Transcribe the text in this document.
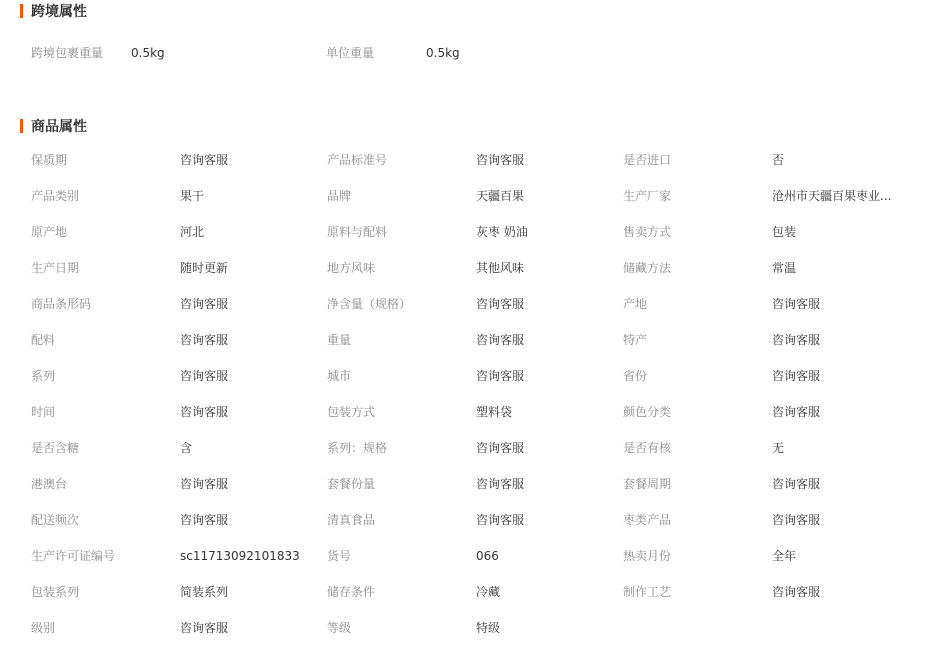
跨境属性
跨境包裹重量 0.5kg	单位重量	0.5kg
商品属性
保质期	咨询客服	产品标准号	咨询客服	是否进口	否
产品类别	果干	品牌	天疆百果	生产厂家	沧州市天疆百果枣业...
原产地	河北	原料与配料	灰枣 奶油	售卖方式	包装
生产日期	随时更新	地方风味	其他风味	储藏方法	常温
商品条形码	咨询客服	净含量（规格）	咨询客服	产地	咨询客服
配料	咨询客服	重量	咨询客服	特产	咨询客服
系列	咨询客服	城市	咨询客服	省份	咨询客服
时间	咨询客服	包装方式	塑料袋	颜色分类	咨询客服
是否含糖	含	系列：规格	咨询客服	是否有核	无
港澳台	咨询客服	套餐份量	咨询客服	套餐周期	咨询客服
配送频次	咨询客服	清真食品	咨询客服	枣类产品	咨询客服
生产许可证编号	sc11713092101833	货号	066	热卖月份	全年
包装系列	简装系列	储存条件	冷藏	制作工艺	咨询客服
级别	咨询客服	等级	特级
